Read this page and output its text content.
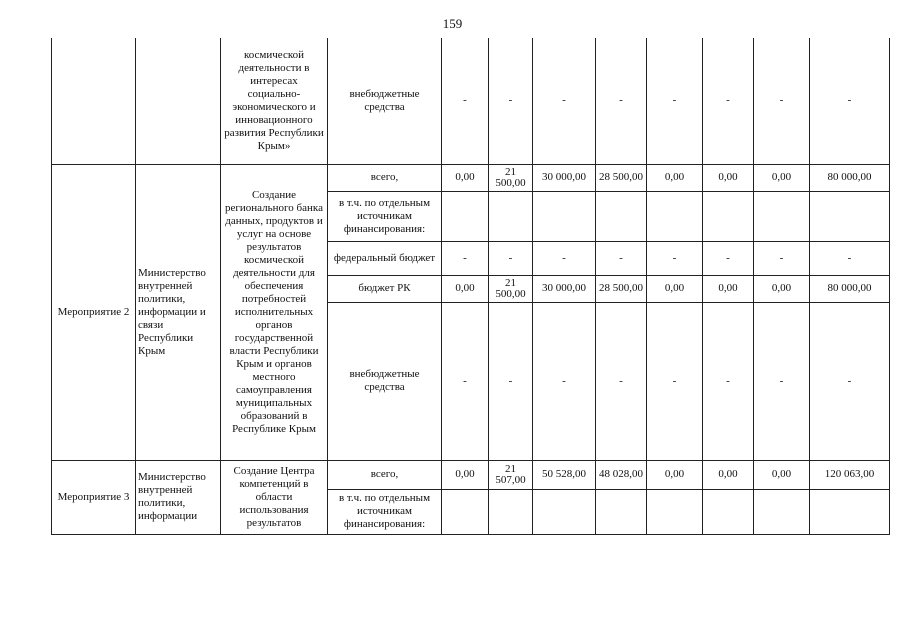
159
		космической деятельности в интересах социально-экономического и инновационного развития Республики Крым»	внебюджетные средства	-	-	-	-	-	-	-	-
Мероприятие 2	Министерство внутренней политики, информации и связи Республики Крым	Создание регионального банка данных, продуктов и услуг на основе результатов космической деятельности для обеспечения потребностей исполнительных органов государственной власти Республики Крым и органов местного самоуправления муниципальных образований в Республике Крым	всего,	0,00	21 500,00	30 000,00	28 500,00	0,00	0,00	0,00	80 000,00
			в т.ч. по отдельным источникам финансирования:								
			федеральный бюджет	-	-	-	-	-	-	-	-
			бюджет РК	0,00	21 500,00	30 000,00	28 500,00	0,00	0,00	0,00	80 000,00
			внебюджетные средства	-	-	-	-	-	-	-	-
Мероприятие 3	Министерство внутренней политики, информации	Создание Центра компетенций в области использования результатов	всего,	0,00	21 507,00	50 528,00	48 028,00	0,00	0,00	0,00	120 063,00
			в т.ч. по отдельным источникам финансирования:								
